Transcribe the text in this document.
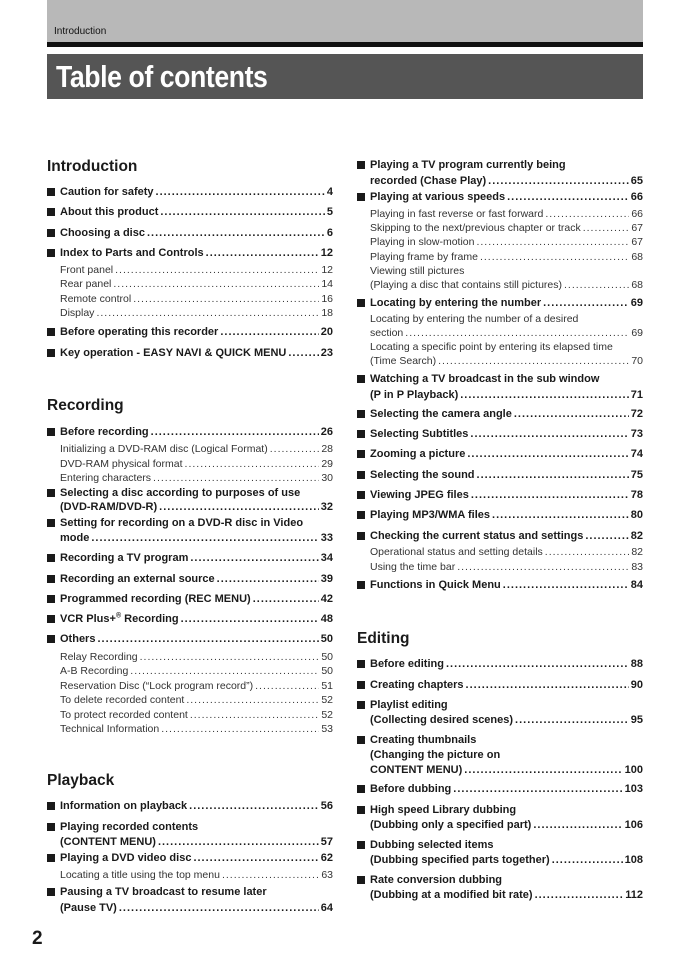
Introduction
Table of contents
Introduction
Caution for safety .....	4
About this product .....	5
Choosing a disc .....	6
Index to Parts and Controls .....	12
Front panel .....	12
Rear panel .....	14
Remote control .....	16
Display .....	18
Before operating this recorder .....	20
Key operation - EASY NAVI & QUICK MENU .....	23
Recording
Before recording .....	26
Initializing a DVD-RAM disc (Logical Format) .....	28
DVD-RAM physical format .....	29
Entering characters .....	30
Selecting a disc according to purposes of use
(DVD-RAM/DVD-R) .....	32
Setting for recording on a DVD-R disc in Video
mode .....	33
Recording a TV program .....	34
Recording an external source .....	39
Programmed recording (REC MENU) .....	42
VCR Plus+® Recording .....	48
Others .....	50
Relay Recording .....	50
A-B Recording .....	50
Reservation Disc (“Lock program record”) .....	51
To delete recorded content .....	52
To protect recorded content .....	52
Technical Information .....	53
Playback
Information on playback .....	56
Playing recorded contents
(CONTENT MENU) .....	57
Playing a DVD video disc .....	62
Locating a title using the top menu .....	63
Pausing a TV broadcast to resume later
(Pause TV) .....	64
Playing a TV program currently being
recorded (Chase Play) .....	65
Playing at various speeds .....	66
Playing in fast reverse or fast forward .....	66
Skipping to the next/previous chapter or track .....	67
Playing in slow-motion .....	67
Playing frame by frame .....	68
Viewing still pictures
(Playing a disc that contains still pictures) .....	68
Locating by entering the number .....	69
Locating by entering the number of a desired
section .....	69
Locating a specific point by entering its elapsed time
(Time Search) .....	70
Watching a TV broadcast in the sub window
(P in P Playback) .....	71
Selecting the camera angle .....	72
Selecting Subtitles .....	73
Zooming a picture .....	74
Selecting the sound .....	75
Viewing JPEG files .....	78
Playing MP3/WMA files .....	80
Checking the current status and settings .....	82
Operational status and setting details .....	82
Using the time bar .....	83
Functions in Quick Menu .....	84
Editing
Before editing .....	88
Creating chapters .....	90
Playlist editing
(Collecting desired scenes) .....	95
Creating thumbnails
(Changing the picture on
CONTENT MENU) .....	100
Before dubbing .....	103
High speed Library dubbing
(Dubbing only a specified part) .....	106
Dubbing selected items
(Dubbing specified parts together) .....	108
Rate conversion dubbing
(Dubbing at a modified bit rate) .....	112
2
